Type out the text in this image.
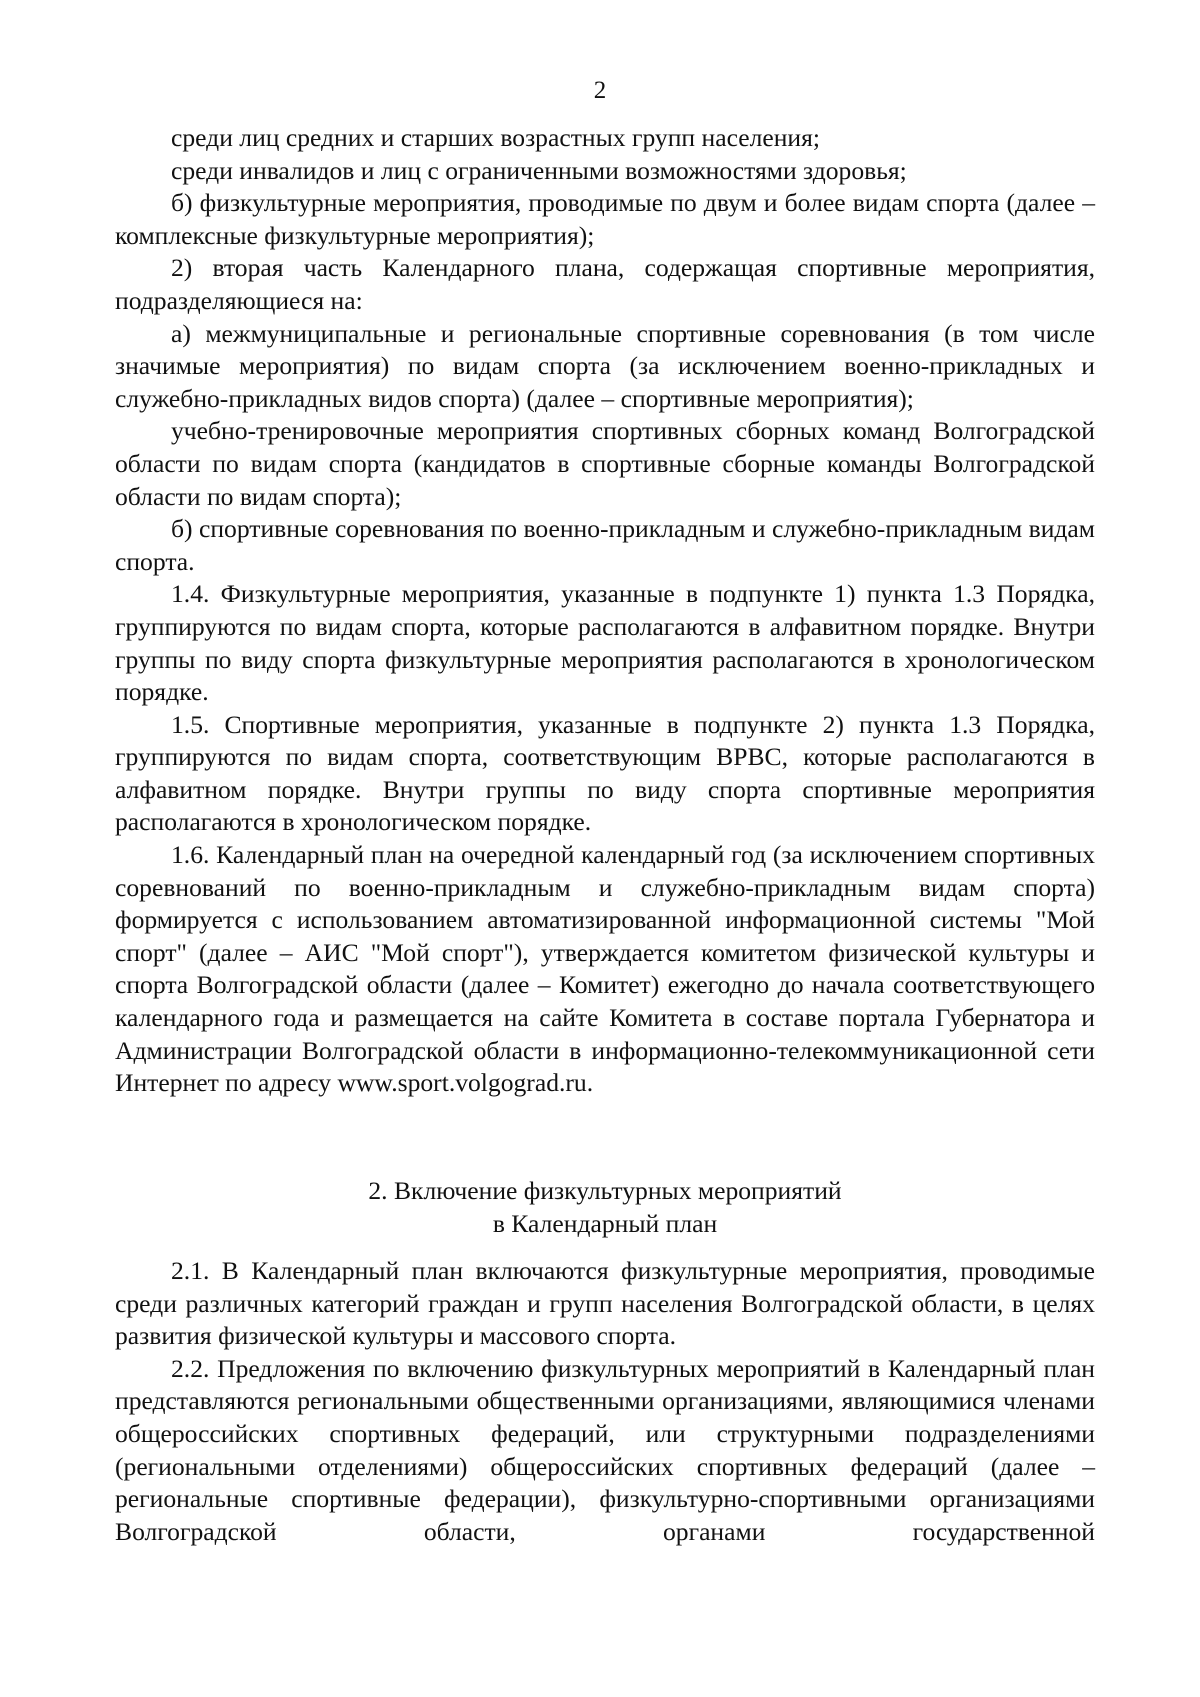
2

среди лиц средних и старших возрастных групп населения;

среди инвалидов и лиц с ограниченными возможностями здоровья;

б) физкультурные мероприятия, проводимые по двум и более видам спорта (далее – комплексные физкультурные мероприятия);

2) вторая часть Календарного плана, содержащая спортивные мероприятия, подразделяющиеся на:

а) межмуниципальные и региональные спортивные соревнования (в том числе значимые мероприятия) по видам спорта (за исключением военно-прикладных и служебно-прикладных видов спорта) (далее – спортивные мероприятия);

учебно-тренировочные мероприятия спортивных сборных команд Волгоградской области по видам спорта (кандидатов в спортивные сборные команды Волгоградской области по видам спорта);

б) спортивные соревнования по военно-прикладным и служебно-прикладным видам спорта.

1.4. Физкультурные мероприятия, указанные в подпункте 1) пункта 1.3 Порядка, группируются по видам спорта, которые располагаются в алфавитном порядке. Внутри группы по виду спорта физкультурные мероприятия располагаются в хронологическом порядке.

1.5. Спортивные мероприятия, указанные в подпункте 2) пункта 1.3 Порядка, группируются по видам спорта, соответствующим ВРВС, которые располагаются в алфавитном порядке. Внутри группы по виду спорта спортивные мероприятия располагаются в хронологическом порядке.

1.6. Календарный план на очередной календарный год (за исключением спортивных соревнований по военно-прикладным и служебно-прикладным видам спорта) формируется с использованием автоматизированной информационной системы "Мой спорт" (далее – АИС "Мой спорт"), утверждается комитетом физической культуры и спорта Волгоградской области (далее – Комитет) ежегодно до начала соответствующего календарного года и размещается на сайте Комитета в составе портала Губернатора и Администрации Волгоградской области в информационно-телекоммуникационной сети Интернет по адресу www.sport.volgograd.ru.

2. Включение физкультурных мероприятий
в Календарный план

2.1. В Календарный план включаются физкультурные мероприятия, проводимые среди различных категорий граждан и групп населения Волгоградской области, в целях развития физической культуры и массового спорта.

2.2. Предложения по включению физкультурных мероприятий в Календарный план представляются региональными общественными организациями, являющимися членами общероссийских спортивных федераций, или структурными подразделениями (региональными отделениями) общероссийских спортивных федераций (далее – региональные спортивные федерации), физкультурно-спортивными организациями Волгоградской области, органами государственной
